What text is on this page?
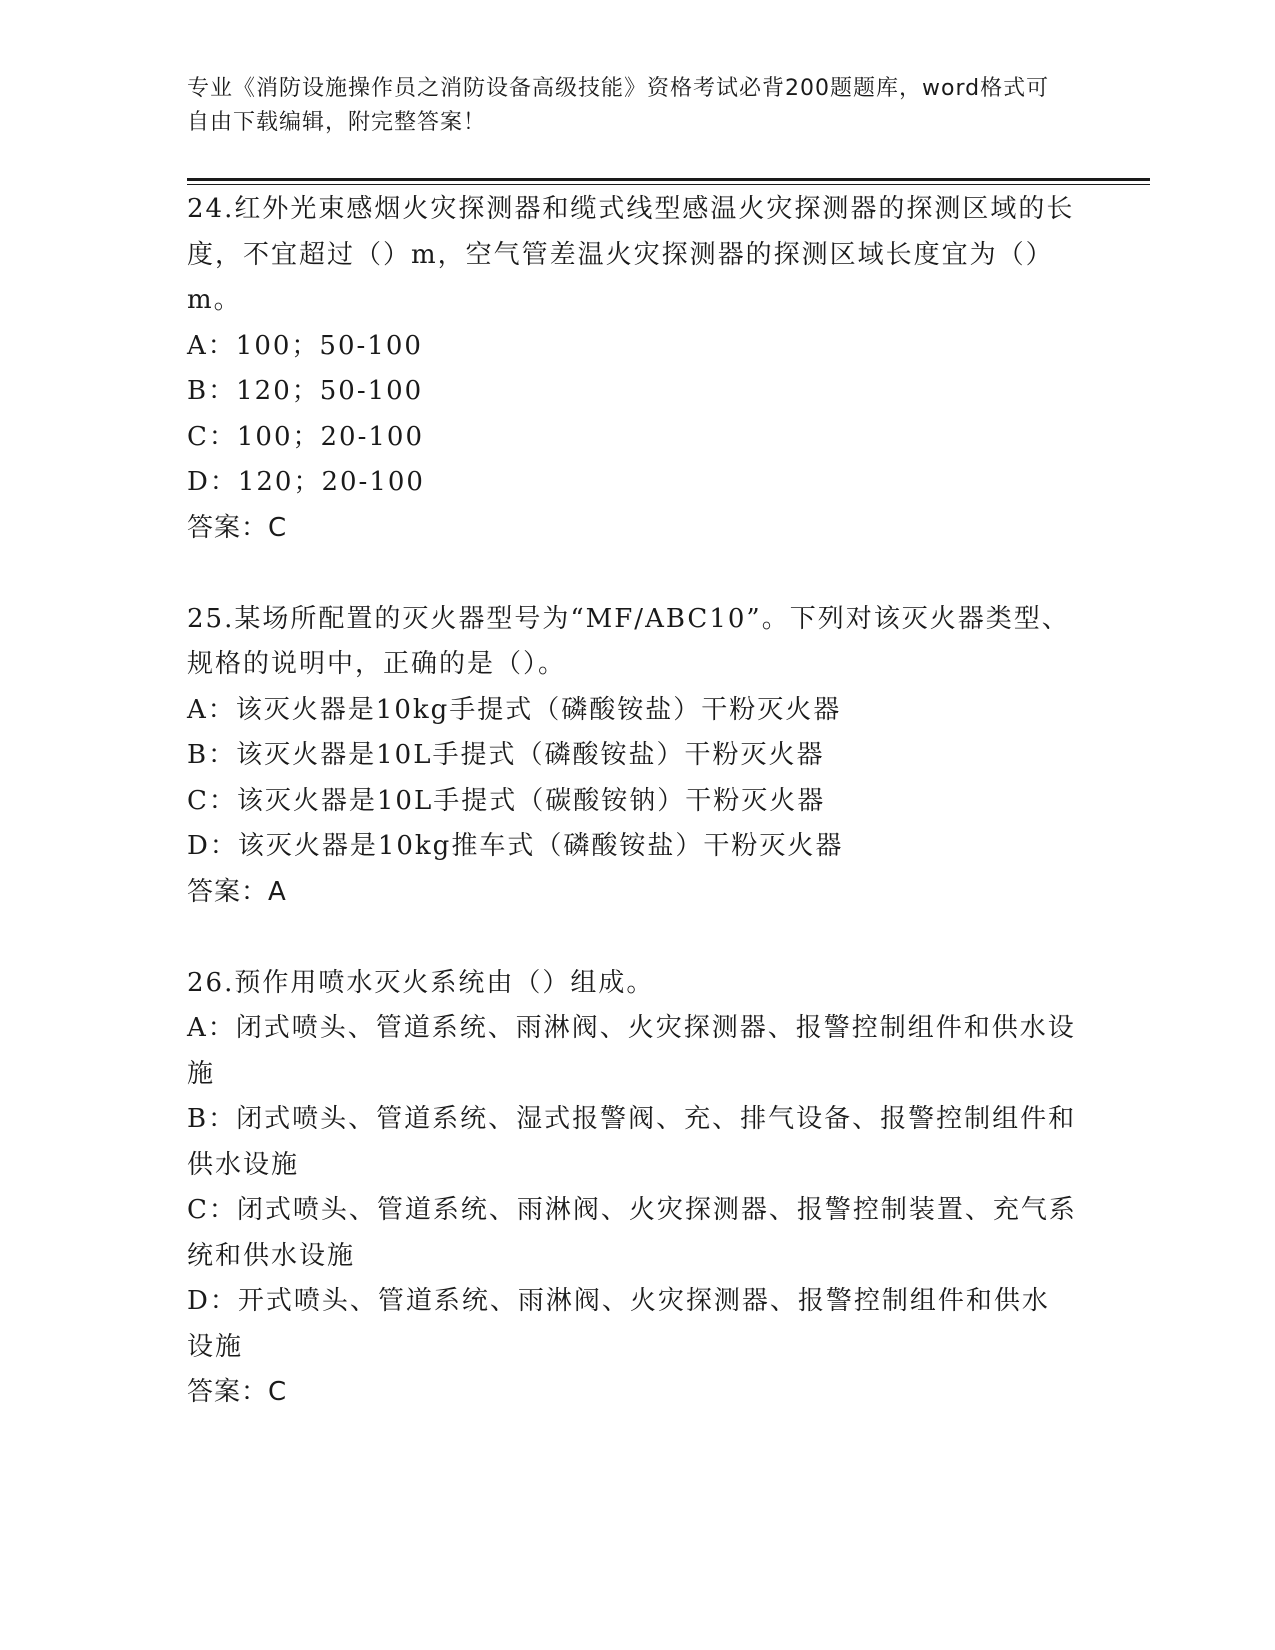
专业《消防设施操作员之消防设备高级技能》资格考试必背200题题库，word格式可自由下载编辑，附完整答案！

24.红外光束感烟火灾探测器和缆式线型感温火灾探测器的探测区域的长度，不宜超过（）m，空气管差温火灾探测器的探测区域长度宜为（）m。

A：100；50-100

B：120；50-100

C：100；20-100

D：120；20-100

答案：C

25.某场所配置的灭火器型号为“MF/ABC10”。下列对该灭火器类型、规格的说明中，正确的是（）。

A：该灭火器是10kg手提式（磷酸铵盐）干粉灭火器

B：该灭火器是10L手提式（磷酸铵盐）干粉灭火器

C：该灭火器是10L手提式（碳酸铵钠）干粉灭火器

D：该灭火器是10kg推车式（磷酸铵盐）干粉灭火器

答案：A

26.预作用喷水灭火系统由（）组成。

A：闭式喷头、管道系统、雨淋阀、火灾探测器、报警控制组件和供水设施

B：闭式喷头、管道系统、湿式报警阀、充、排气设备、报警控制组件和供水设施

C：闭式喷头、管道系统、雨淋阀、火灾探测器、报警控制装置、充气系统和供水设施

D：开式喷头、管道系统、雨淋阀、火灾探测器、报警控制组件和供水设施

答案：C
